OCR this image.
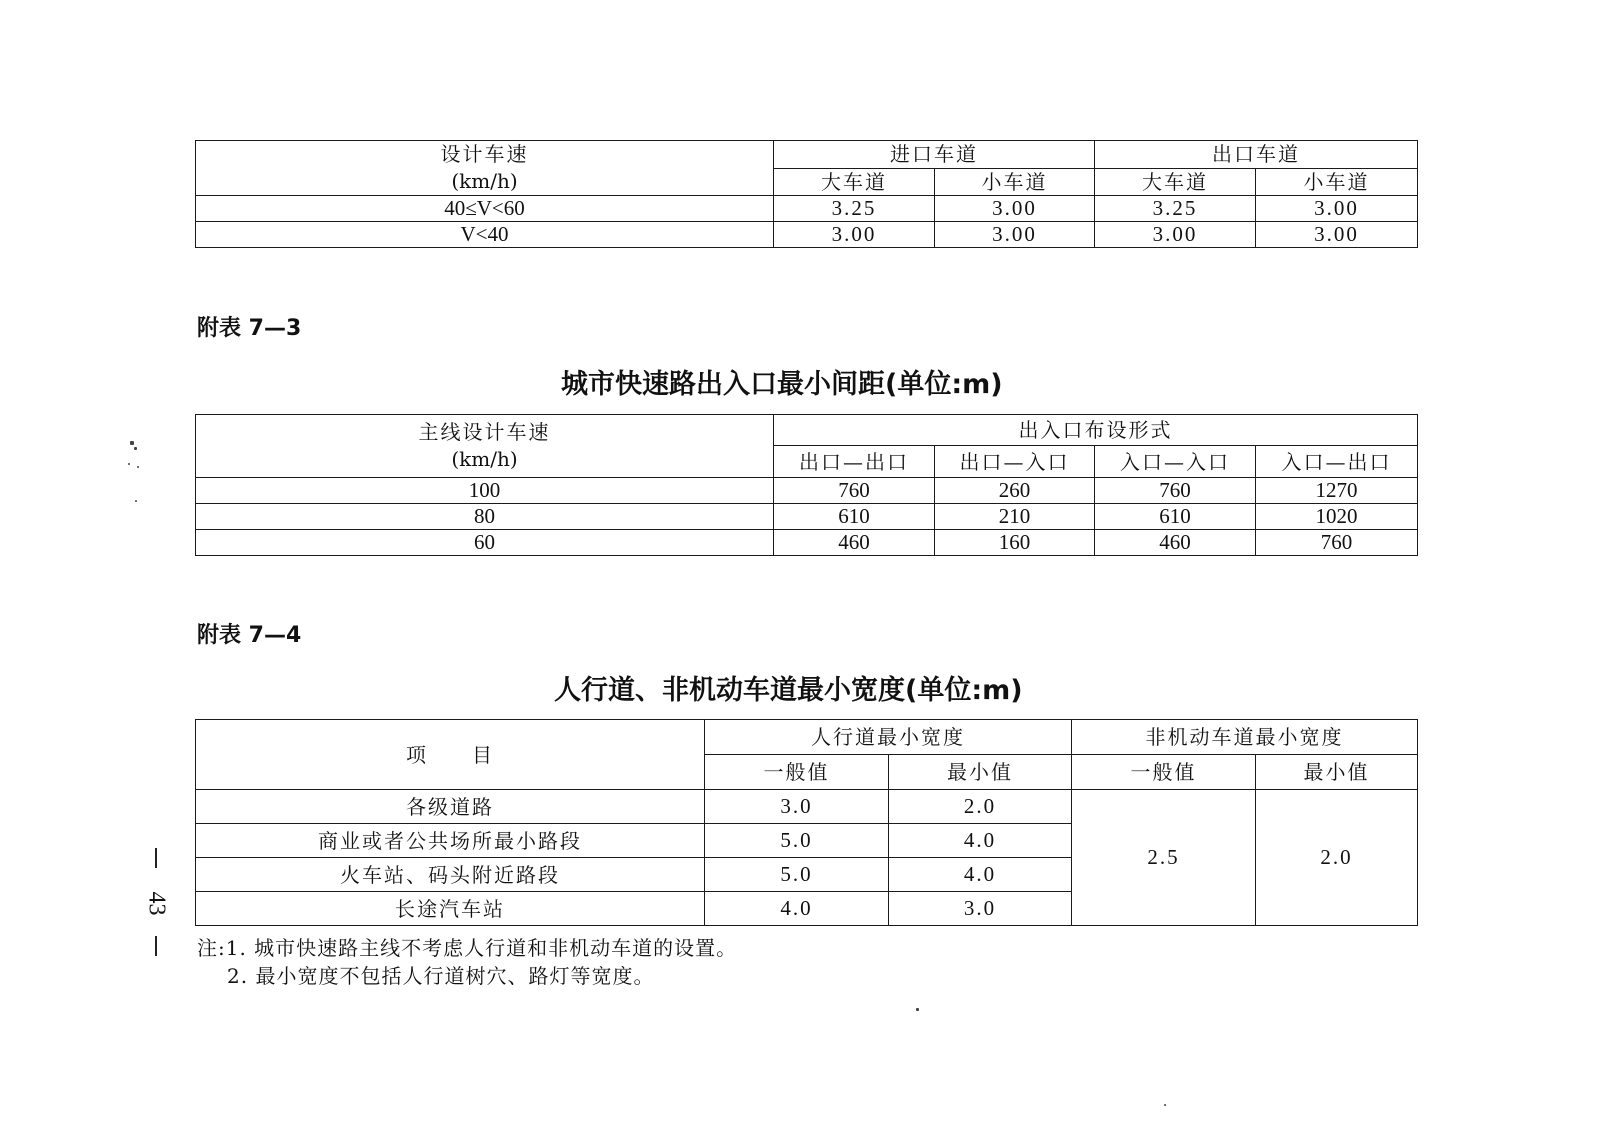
设计车速
(km/h)	进口车道		出口车道	
	大车道	小车道	大车道	小车道
40≤V<60	3.25	3.00	3.25	3.00
V<40	3.00	3.00	3.00	3.00
附表 7—3
城市快速路出入口最小间距(单位:m)
主线设计车速
(km/h)	出入口布设形式			
	出口—出口	出口—入口	入口—入口	入口—出口
100	760	260	760	1270
80	610	210	610	1020
60	460	160	460	760
附表 7—4
人行道、非机动车道最小宽度(单位:m)
项　　目	人行道最小宽度		非机动车道最小宽度	
	一般值	最小值	一般值	最小值
各级道路	3.0	2.0	2.5	2.0
商业或者公共场所最小路段	5.0	4.0		
火车站、码头附近路段	5.0	4.0		
长途汽车站	4.0	3.0		
注:1. 城市快速路主线不考虑人行道和非机动车道的设置。
2. 最小宽度不包括人行道树穴、路灯等宽度。
43
